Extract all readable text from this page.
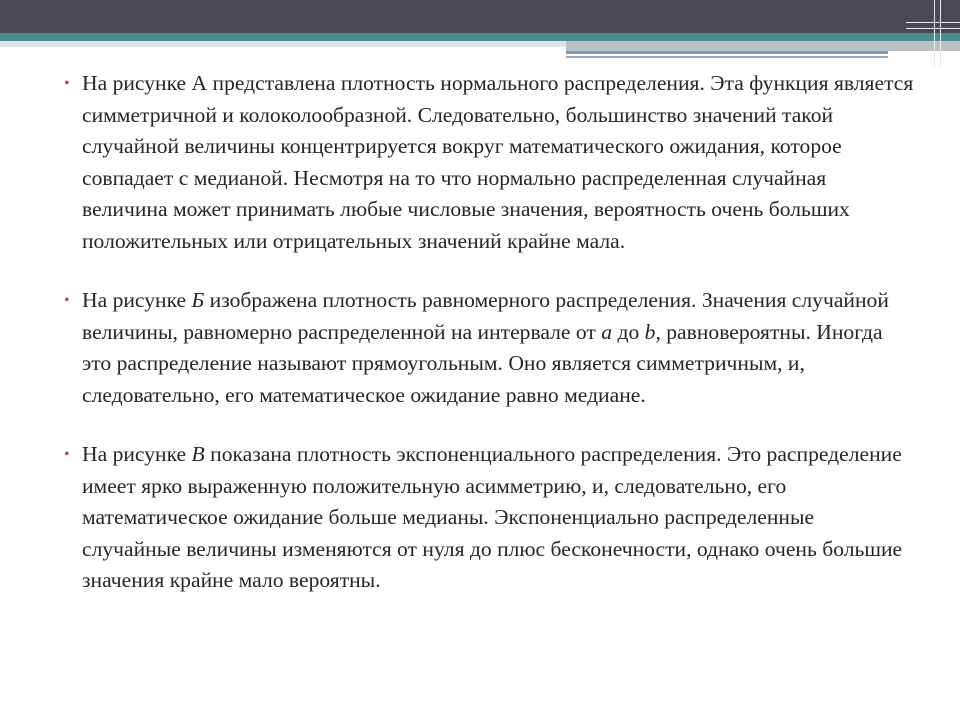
• На рисунке А представлена плотность нормального распределения. Эта функция является симметричной и колоколообразной. Следовательно, большинство значений такой случайной величины концентрируется вокруг математического ожидания, которое совпадает с медианой. Несмотря на то что нормально распределенная случайная величина может принимать любые числовые значения, вероятность очень больших положительных или отрицательных значений крайне мала.

• На рисунке Б изображена плотность равномерного распределения. Значения случайной величины, равномерно распределенной на интервале от a до b, равновероятны. Иногда это распределение называют прямоугольным. Оно является симметричным, и, следовательно, его математическое ожидание равно медиане.

• На рисунке В показана плотность экспоненциального распределения. Это распределение имеет ярко выраженную положительную асимметрию, и, следовательно, его математическое ожидание больше медианы. Экспоненциально распределенные случайные величины изменяются от нуля до плюс бесконечности, однако очень большие значения крайне мало вероятны.
